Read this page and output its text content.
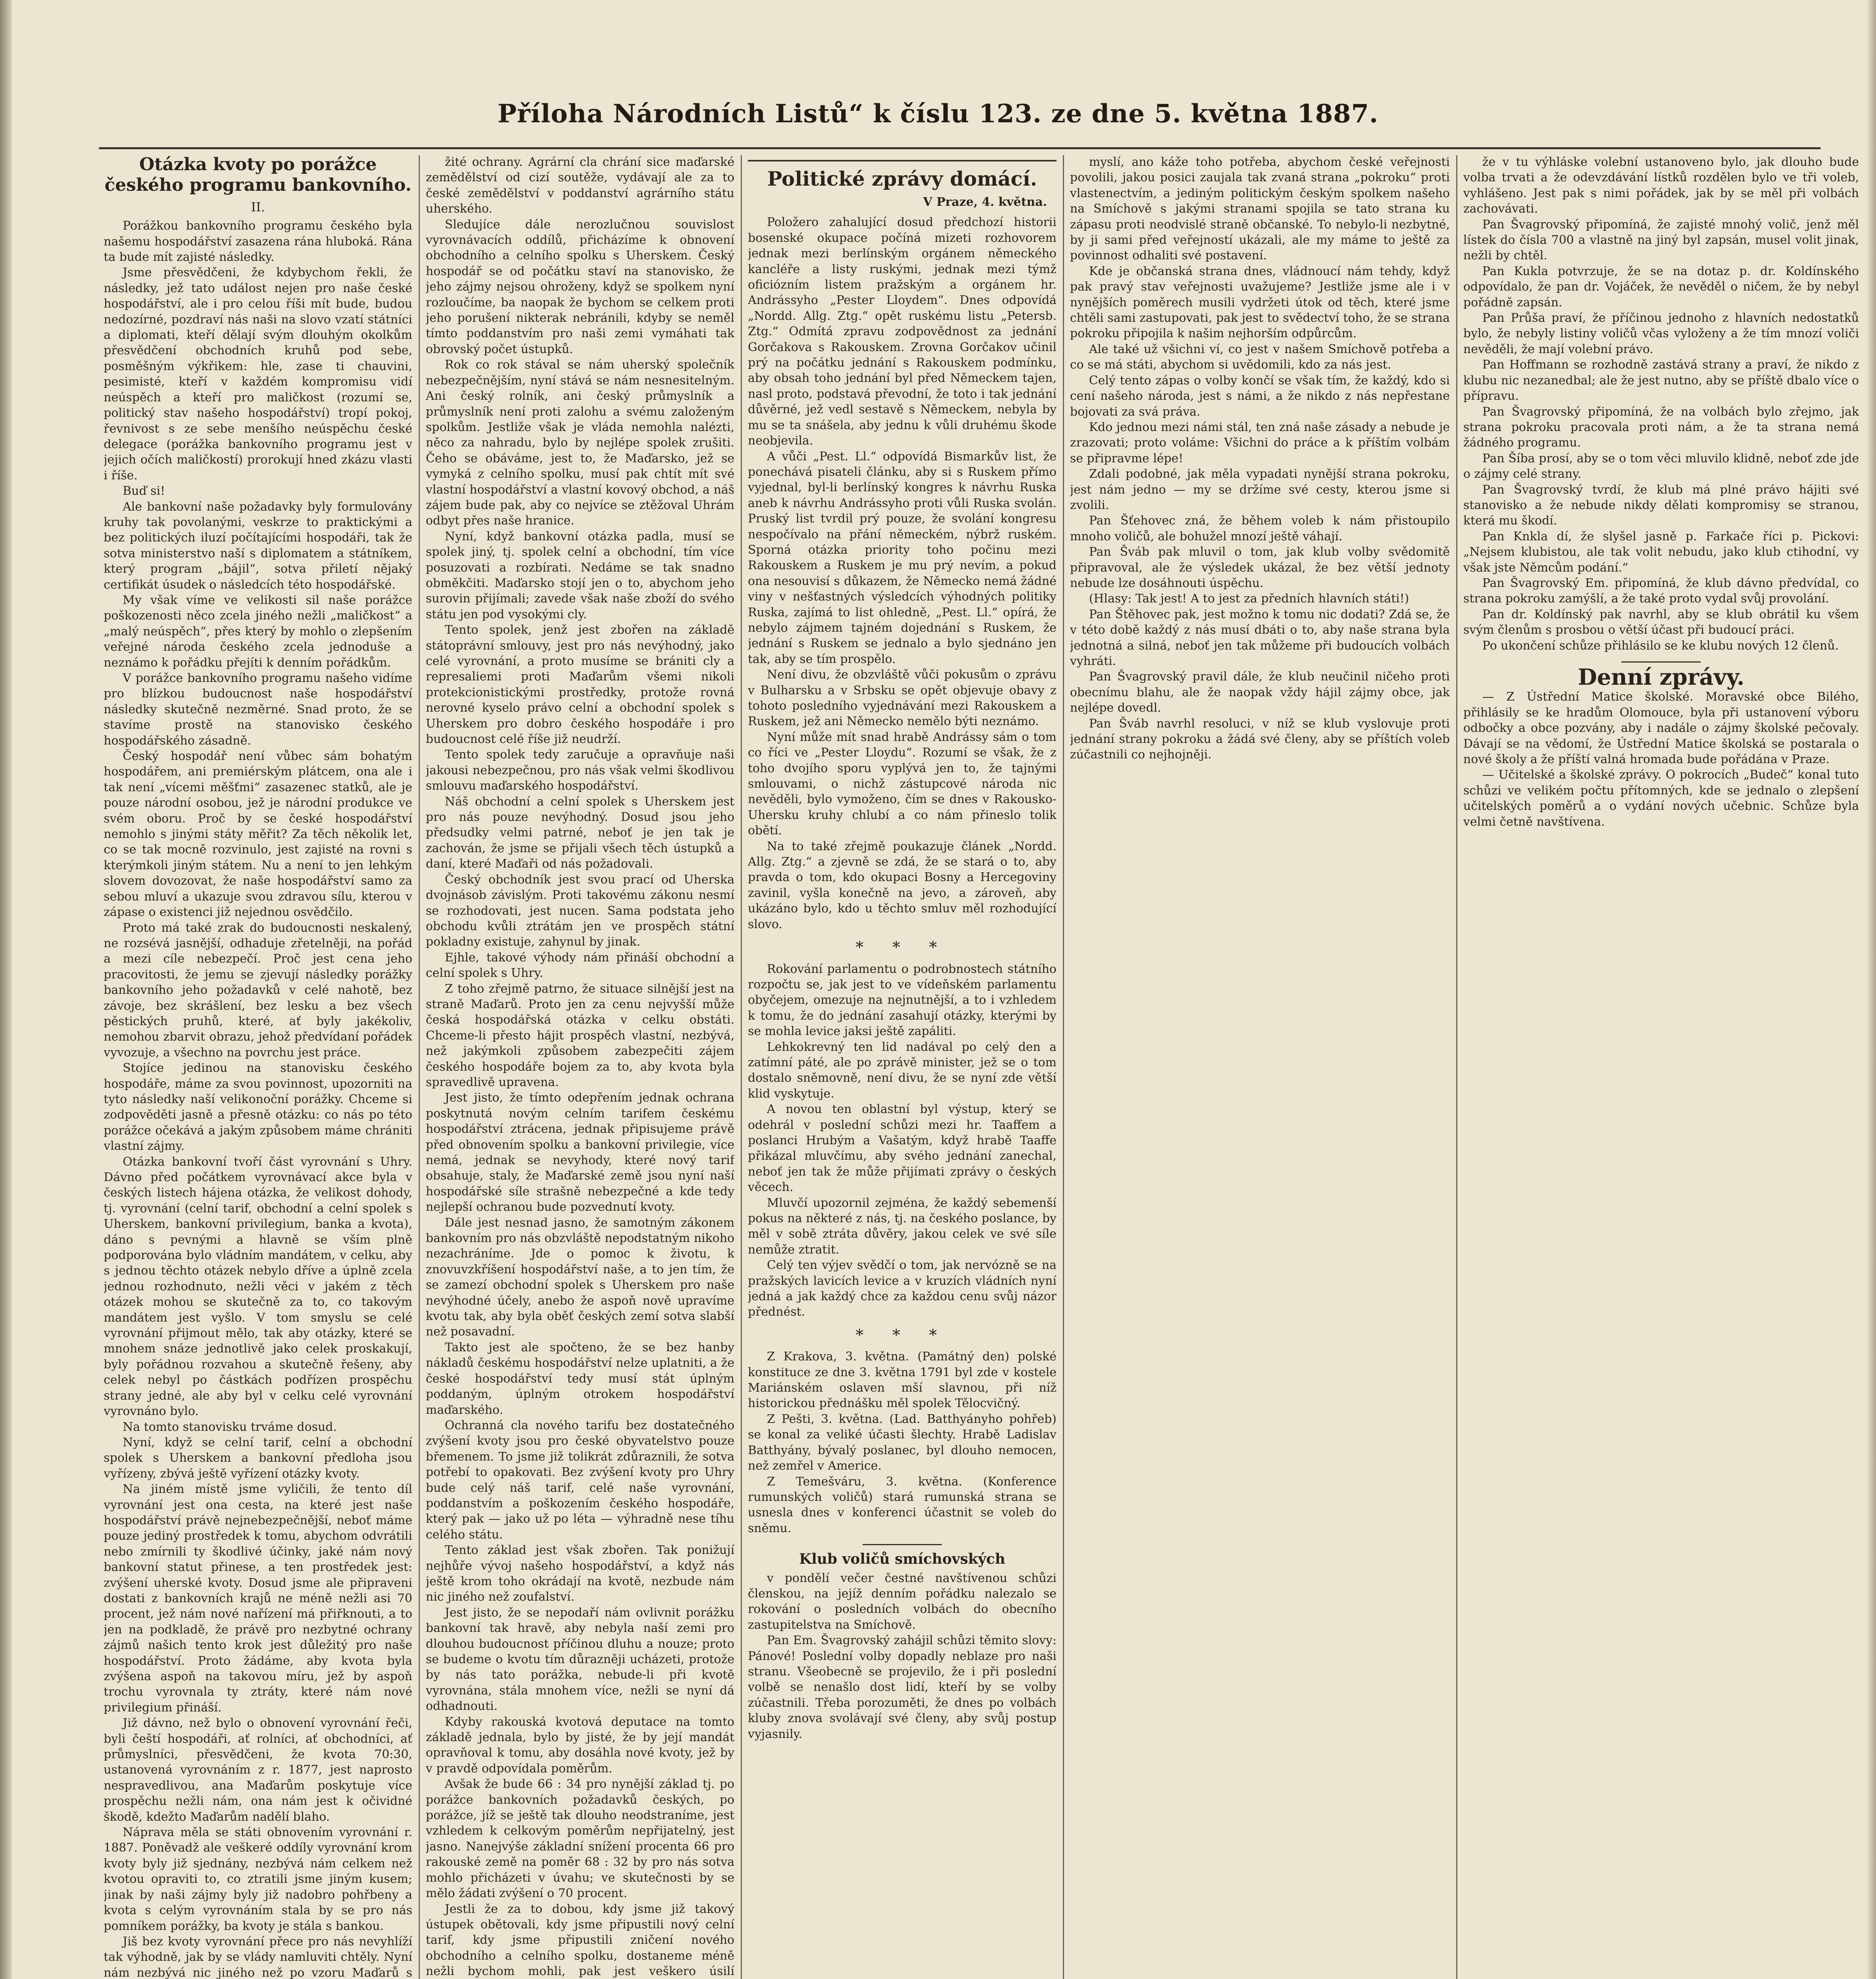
Příloha Národních Listů“ k číslu 123. ze dne 5. května 1887.
Otázka kvoty po porážce českého programu bankovního.
II.

Porážkou bankovního programu českého byla našemu hospodářství zasazena rána hluboká. Rána ta bude mít zajisté následky.

Jsme přesvědčeni, že kdybychom řekli, že následky, jež tato událost nejen pro naše české hospodářství, ale i pro celou říši mít bude, budou nedozírné, pozdraví nás naši na slovo vzatí státníci a diplomati, kteří dělají svým dlouhým okolkům přesvědčení obchodních kruhů pod sebe, posměšným výkřikem: hle, zase ti chauvini, pesimisté, kteří v každém kompromisu vidí neúspěch a kteří pro maličkost (rozumí se, politický stav našeho hospodářství) tropí pokoj, řevnivost s ze sebe menšího neúspěchu české delegace (porážka bankovního programu jest v jejich očích maličkostí) prorokují hned zkázu vlasti i říše.

Buď si!

Ale bankovní naše požadavky byly formulovány kruhy tak povolanými, veskrze to praktickými a bez politických iluzí počítajícími hospodáři, tak že sotva ministerstvo naší s diplomatem a státníkem, který program „bájil“, sotva přiletí nějaký certifikát úsudek o následcích této hospodářské.

My však víme ve velikosti sil naše porážce poškozenosti něco zcela jiného nežli „maličkost“ a „malý neúspěch“, přes který by mohlo o zlepšením veřejné národa českého zcela jednoduše a neznámo k pořádku přejíti k denním pořádkům.

V porážce bankovního programu našeho vidíme pro blízkou budoucnost naše hospodářství následky skutečně nezměrné. Snad proto, že se stavíme prostě na stanovisko českého hospodářského zásadně.

Český hospodář není vůbec sám bohatým hospodářem, ani premiérským plátcem, ona ale i tak není „vícemi měšťmi“ zasazenec statků, ale je pouze národní osobou, jež je národní produkce ve svém oboru. Proč by se české hospodářství nemohlo s jinými státy měřit? Za těch několik let, co se tak mocně rozvinulo, jest zajisté na rovni s kterýmkoli jiným státem. Nu a není to jen lehkým slovem dovozovat, že naše hospodářství samo za sebou mluví a ukazuje svou zdravou sílu, kterou v zápase o existenci již nejednou osvědčilo.

Proto má také zrak do budoucnosti neskalený, ne rozsévá jasnější, odhaduje zřetelněji, na pořád a mezi cíle nebezpečí. Proč jest cena jeho pracovitosti, že jemu se zjevují následky porážky bankovního jeho požadavků v celé nahotě, bez závoje, bez skrášlení, bez lesku a bez všech pěstických pruhů, které, ať byly jakékoliv, nemohou zbarvit obrazu, jehož předvídaní pořádek vyvozuje, a všechno na povrchu jest práce.

Stojíce jedinou na stanovisku českého hospodáře, máme za svou povinnost, upozorniti na tyto následky naší velikonoční porážky. Chceme si zodpověděti jasně a přesně otázku: co nás po této porážce očekává a jakým způsobem máme chrániti vlastní zájmy.

Otázka bankovní tvoří část vyrovnání s Uhry. Dávno před počátkem vyrovnávací akce byla v českých listech hájena otázka, že velikost dohody, tj. vyrovnání (celní tarif, obchodní a celní spolek s Uherskem, bankovní privilegium, banka a kvota), dáno s pevnými a hlavně se vším plně podporována bylo vládním mandátem, v celku, aby s jednou těchto otázek nebylo dříve a úplně zcela jednou rozhodnuto, nežli věci v jakém z těch otázek mohou se skutečně za to, co takovým mandátem jest vyšlo. V tom smyslu se celé vyrovnání přijmout mělo, tak aby otázky, které se mnohem snáze jednotlivě jako celek proskakují, byly pořádnou rozvahou a skutečně řešeny, aby celek nebyl po částkách podřízen prospěchu strany jedné, ale aby byl v celku celé vyrovnání vyrovnáno bylo.

Na tomto stanovisku trváme dosud.

Nyní, když se celní tarif, celní a obchodní spolek s Uherskem a bankovní předloha jsou vyřízeny, zbývá ještě vyřízení otázky kvoty.

Na jiném místě jsme vyličili, že tento díl vyrovnání jest ona cesta, na které jest naše hospodářství právě nejnebezpečnější, neboť máme pouze jediný prostředek k tomu, abychom odvrátili nebo zmírnili ty škodlivé účinky, jaké nám nový bankovní statut přinese, a ten prostředek jest: zvýšení uherské kvoty. Dosud jsme ale připraveni dostati z bankovních krajů ne méně nežli asi 70 procent, jež nám nové nařízení má přiřknouti, a to jen na podkladě, že právě pro nezbytné ochrany zájmů našich tento krok jest důležitý pro naše hospodářství. Proto žádáme, aby kvota byla zvýšena aspoň na takovou míru, jež by aspoň trochu vyrovnala ty ztráty, které nám nové privilegium přináší.

Již dávno, než bylo o obnovení vyrovnání řeči, byli čeští hospodáři, ať rolníci, ať obchodníci, ať průmyslníci, přesvědčeni, že kvota 70:30, ustanovená vyrovnáním z r. 1877, jest naprosto nespravedlivou, ana Maďarům poskytuje více prospěchu nežli nám, ona nám jest k očividné škodě, kdežto Maďarům nadělí blaho.

Náprava měla se státi obnovením vyrovnání r. 1887. Poněvadž ale veškeré oddíly vyrovnání krom kvoty byly již sjednány, nezbývá nám celkem než kvotou opraviti to, co ztratili jsme jiným kusem; jinak by naši zájmy byly již nadobro pohřbeny a kvota s celým vyrovnáním stala by se pro nás pomníkem porážky, ba kvoty je stála s bankou.

Jiš bez kvoty vyrovnání přece pro nás nevyhlíží tak výhodně, jak by se vlády namluviti chtěly. Nyní nám nezbývá nic jiného než po vzoru Maďarů s

žité ochrany. Agrární cla chrání sice maďarské zemědělství od cizí soutěže, vydávají ale za to české zemědělství v poddanství agrárního státu uherského.

Sledujíce dále nerozlučnou souvislost vyrovnávacích oddílů, přicházíme k obnovení obchodního a celního spolku s Uherskem. Český hospodář se od počátku staví na stanovisko, že jeho zájmy nejsou ohroženy, když se spolkem nyní rozloučíme, ba naopak že bychom se celkem proti jeho porušení nikterak nebránili, kdyby se neměl tímto poddanstvím pro naši zemi vymáhati tak obrovský počet ústupků.

Rok co rok stával se nám uherský společník nebezpečnějším, nyní stává se nám nesnesitelným. Ani český rolník, ani český průmyslník a průmyslník není proti zalohu a svému založeným spolkům. Jestliže však je vláda nemohla nalézti, něco za nahradu, bylo by nejlépe spolek zrušiti. Čeho se obáváme, jest to, že Maďarsko, jež se vymyká z celního spolku, musí pak chtít mít své vlastní hospodářství a vlastní kovový obchod, a náš zájem bude pak, aby co nejvíce se ztěžoval Uhrám odbyt přes naše hranice.

Nyní, když bankovní otázka padla, musí se spolek jiný, tj. spolek celní a obchodní, tím více posuzovati a rozbírati. Nedáme se tak snadno obměkčiti. Maďarsko stojí jen o to, abychom jeho surovin přijímali; zavede však naše zboží do svého státu jen pod vysokými cly.

Tento spolek, jenž jest zbořen na základě státoprávní smlouvy, jest pro nás nevýhodný, jako celé vyrovnání, a proto musíme se brániti cly a represaliemi proti Maďarům všemi nikoli protekcionistickými prostředky, protože rovná nerovné kyselo právo celní a obchodní spolek s Uherskem pro dobro českého hospodáře i pro budoucnost celé říše již neudrží.

Tento spolek tedy zaručuje a opravňuje naši jakousi nebezpečnou, pro nás však velmi škodlivou smlouvu maďarského hospodářství.

Náš obchodní a celní spolek s Uherskem jest pro nás pouze nevýhodný. Dosud jsou jeho předsudky velmi patrné, neboť je jen tak je zachován, že jsme se přijali všech těch ústupků a daní, které Maďaři od nás požadovali.

Český obchodník jest svou prací od Uherska dvojnásob závislým. Proti takovému zákonu nesmí se rozhodovati, jest nucen. Sama podstata jeho obchodu kvůli ztrátám jen ve prospěch státní pokladny existuje, zahynul by jinak.

Ejhle, takové výhody nám přináší obchodní a celní spolek s Uhry.

Z toho zřejmě patrno, že situace silnější jest na straně Maďarů. Proto jen za cenu nejvyšší může česká hospodářská otázka v celku obstáti. Chceme-li přesto hájit prospěch vlastní, nezbývá, než jakýmkoli způsobem zabezpečiti zájem českého hospodáře bojem za to, aby kvota byla spravedlivě upravena.

Jest jisto, že tímto odepřením jednak ochrana poskytnutá novým celním tarifem českému hospodářství ztrácena, jednak připisujeme právě před obnovením spolku a bankovní privilegie, více nemá, jednak se nevyhody, které nový tarif obsahuje, staly, že Maďarské země jsou nyní naší hospodářské síle strašně nebezpečné a kde tedy nejlepší ochranou bude pozvednutí kvoty.

Dále jest nesnad jasno, že samotným zákonem bankovním pro nás obzvláště nepodstatným nikoho nezachráníme. Jde o pomoc k životu, k znovuvzkříšení hospodářství naše, a to jen tím, že se zamezí obchodní spolek s Uherskem pro naše nevýhodné účely, anebo že aspoň nově upravíme kvotu tak, aby byla oběť českých zemí sotva slabší než posavadní.

Takto jest ale spočteno, že se bez hanby nákladů českému hospodářství nelze uplatniti, a že české hospodářství tedy musí stát úplným poddaným, úplným otrokem hospodářství maďarského.

Ochranná cla nového tarifu bez dostatečného zvýšení kvoty jsou pro české obyvatelstvo pouze břemenem. To jsme již tolikrát zdůraznili, že sotva potřebí to opakovati. Bez zvýšení kvoty pro Uhry bude celý náš tarif, celé naše vyrovnání, poddanstvím a poškozením českého hospodáře, který pak — jako už po léta — výhradně nese tíhu celého státu.

Tento základ jest však zbořen. Tak ponižují nejhůře vývoj našeho hospodářství, a když nás ještě krom toho okrádají na kvotě, nezbude nám nic jiného než zoufalství.

Jest jisto, že se nepodaří nám ovlivnit porážku bankovní tak hravě, aby nebyla naší zemi pro dlouhou budoucnost příčinou dluhu a nouze; proto se budeme o kvotu tím důrazněji ucházeti, protože by nás tato porážka, nebude-li při kvotě vyrovnána, stála mnohem více, nežli se nyní dá odhadnouti.

Kdyby rakouská kvotová deputace na tomto základě jednala, bylo by jisté, že by její mandát opravňoval k tomu, aby dosáhla nové kvoty, jež by v pravdě odpovídala poměrům.

Avšak že bude 66 : 34 pro nynější základ tj. po porážce bankovních požadavků českých, po porážce, jíž se ještě tak dlouho neodstraníme, jest vzhledem k celkovým poměrům nepřijatelný, jest jasno. Nanejvýše základní snížení procenta 66 pro rakouské země na poměr 68 : 32 by pro nás sotva mohlo přicházeti v úvahu; ve skutečnosti by se mělo žádati zvýšení o 70 procent.

Jestli že za to dobou, kdy jsme již takový ústupek obětovali, kdy jsme připustili nový celní tarif, kdy jsme připustili zničení nového obchodního a celního spolku, dostaneme méně nežli bychom mohli, pak jest veškero úsilí

Politické zprávy domácí.
V Praze, 4. května.

Položero zahalující dosud předchozí historii bosenské okupace počíná mizeti rozhovorem jednak mezi berlínským orgánem německého kancléře a listy ruskými, jednak mezi týmž oficiózním listem pražským a orgánem hr. Andrássyho „Pester Lloydem“. Dnes odpovídá „Nordd. Allg. Ztg.“ opět ruskému listu „Petersb. Ztg.“ Odmítá zpravu zodpovědnost za jednání Gorčakova s Rakouskem. Zrovna Gorčakov učinil prý na počátku jednání s Rakouskem podmínku, aby obsah toho jednání byl před Německem tajen, nasl proto, podstavá převodní, že toto i tak jednání důvěrné, jež vedl sestavě s Německem, nebyla by mu se ta snášela, aby jednu k vůli druhému škode neobjevila.

A vůči „Pest. Ll.“ odpovídá Bismarkův list, že ponechává pisateli článku, aby si s Ruskem přímo vyjednal, byl-li berlínský kongres k návrhu Ruska aneb k návrhu Andrássyho proti vůli Ruska svolán. Pruský list tvrdil prý pouze, že svolání kongresu nespočívalo na přání německém, nýbrž ruském. Sporná otázka priority toho počinu mezi Rakouskem a Ruskem je mu prý nevím, a pokud ona nesouvisí s důkazem, že Německo nemá žádné viny v nešťastných výsledcích výhodných politiky Ruska, zajímá to list ohledně, „Pest. Ll.“ opírá, že nebylo zájmem tajném dojednání s Ruskem, že jednání s Ruskem se jednalo a bylo sjednáno jen tak, aby se tím prospělo.

Není divu, že obzvláště vůči pokusům o zprávu v Bulharsku a v Srbsku se opět objevuje obavy z tohoto posledního vyjednávání mezi Rakouskem a Ruskem, jež ani Německo nemělo býti neznámo.

Nyní může mít snad hrabě Andrássy sám o tom co říci ve „Pester Lloydu“. Rozumí se však, že z toho dvojího sporu vyplývá jen to, že tajnými smlouvami, o nichž zástupcové národa nic nevěděli, bylo vymoženo, čím se dnes v Rakousko-Uhersku kruhy chlubí a co nám přineslo tolik obětí.

Na to také zřejmě poukazuje článek „Nordd. Allg. Ztg.“ a zjevně se zdá, že se stará o to, aby pravda o tom, kdo okupaci Bosny a Hercegoviny zavinil, vyšla konečně na jevo, a zároveň, aby ukázáno bylo, kdo u těchto smluv měl rozhodující slovo.

* * *

Rokování parlamentu o podrobnostech státního rozpočtu se, jak jest to ve vídeňském parlamentu obyčejem, omezuje na nejnutnější, a to i vzhledem k tomu, že do jednání zasahují otázky, kterými by se mohla levice jaksi ještě zapáliti.

Lehkokrevný ten lid nadával po celý den a zatímní páté, ale po zprávě minister, jež se o tom dostalo sněmovně, není divu, že se nyní zde větší klid vyskytuje.

A novou ten oblastní byl výstup, který se odehrál v poslední schůzi mezi hr. Taaffem a poslanci Hrubým a Vašatým, když hrabě Taaffe přikázal mluvčímu, aby svého jednání zanechal, neboť jen tak že může přijímati zprávy o českých věcech.

Mluvčí upozornil zejména, že každý sebemenší pokus na některé z nás, tj. na českého poslance, by měl v sobě ztráta důvěry, jakou celek ve své síle nemůže ztratit.

Celý ten výjev svědčí o tom, jak nervózně se na pražských lavicích levice a v kruzích vládních nyní jedná a jak každý chce za každou cenu svůj názor přednést.

* * *

Z Krakova, 3. května. (Památný den) polské konstituce ze dne 3. května 1791 byl zde v kostele Mariánském oslaven mší slavnou, při níž historickou přednášku měl spolek Tělocvičný.

Z Pešti, 3. května. (Lad. Batthyányho pohřeb) se konal za veliké účasti šlechty. Hrabě Ladislav Batthyány, bývalý poslanec, byl dlouho nemocen, než zemřel v Americe.

Z Temešváru, 3. května. (Konference rumunských voličů) stará rumunská strana se usnesla dnes v konferenci účastnit se voleb do sněmu.

Klub voličů smíchovských

v pondělí večer čestné navštívenou schůzi členskou, na jejíž denním pořádku nalezalo se rokování o posledních volbách do obecního zastupitelstva na Smíchově.

Pan Em. Švagrovský zahájil schůzi těmito slovy: Pánové! Poslední volby dopadly neblaze pro naši stranu. Všeobecně se projevilo, že i při poslední volbě se nenašlo dost lidí, kteří by se volby zúčastnili. Třeba porozuměti, že dnes po volbách kluby znova svolávají své členy, aby svůj postup vyjasnily.

myslí, ano káže toho potřeba, abychom české veřejnosti povolili, jakou posici zaujala tak zvaná strana „pokroku“ proti vlastenectvím, a jediným politickým českým spolkem našeho na Smíchově s jakými stranami spojila se tato strana ku zápasu proti neodvislé straně občanské. To nebylo-li nezbytné, by ji sami před veřejností ukázali, ale my máme to ještě za povinnost odhaliti své postavení.

Kde je občanská strana dnes, vládnoucí nám tehdy, když pak pravý stav veřejnosti uvažujeme? Jestliže jsme ale i v nynějších poměrech musili vydržeti útok od těch, které jsme chtěli sami zastupovati, pak jest to svědectví toho, že se strana pokroku připojila k našim nejhorším odpůrcům.

Ale také už všichni ví, co jest v našem Smíchově potřeba a co se má státi, abychom si uvědomili, kdo za nás jest.

Celý tento zápas o volby končí se však tím, že každý, kdo si cení našeho národa, jest s námi, a že nikdo z nás nepřestane bojovati za svá práva.

Kdo jednou mezi námi stál, ten zná naše zásady a nebude je zrazovati; proto voláme: Všichni do práce a k příštím volbám se připravme lépe!

Zdali podobné, jak měla vypadati nynější strana pokroku, jest nám jedno — my se držíme své cesty, kterou jsme si zvolili.

Pan Šťehovec zná, že během voleb k nám přistoupilo mnoho voličů, ale bohužel mnozí ještě váhají.

Pan Šváb pak mluvil o tom, jak klub volby svědomitě připravoval, ale že výsledek ukázal, že bez větší jednoty nebude lze dosáhnouti úspěchu.

(Hlasy: Tak jest! A to jest za předních hlavních státi!)

Pan Štěhovec pak, jest možno k tomu nic dodati? Zdá se, že v této době každý z nás musí dbáti o to, aby naše strana byla jednotná a silná, neboť jen tak můžeme při budoucích volbách vyhráti.

Pan Švagrovský pravil dále, že klub neučinil ničeho proti obecnímu blahu, ale že naopak vždy hájil zájmy obce, jak nejlépe dovedl.

Pan Šváb navrhl resoluci, v níž se klub vyslovuje proti jednání strany pokroku a žádá své členy, aby se příštích voleb zúčastnili co nejhojněji.

že v tu výhláske volební ustanoveno bylo, jak dlouho bude volba trvati a že odevzdávání lístků rozdělen bylo ve tři voleb, vyhlášeno. Jest pak s nimi pořádek, jak by se měl při volbách zachovávati.

Pan Švagrovský připomíná, že zajisté mnohý volič, jenž měl lístek do čísla 700 a vlastně na jiný byl zapsán, musel volit jinak, nežli by chtěl.

Pan Kukla potvrzuje, že se na dotaz p. dr. Koldínského odpovídalo, že pan dr. Vojáček, že nevěděl o ničem, že by nebyl pořádně zapsán.

Pan Průša praví, že příčinou jednoho z hlavních nedostatků bylo, že nebyly listiny voličů včas vyloženy a že tím mnozí voliči nevěděli, že mají volební právo.

Pan Hoffmann se rozhodně zastává strany a praví, že nikdo z klubu nic nezanedbal; ale že jest nutno, aby se příště dbalo více o přípravu.

Pan Švagrovský připomíná, že na volbách bylo zřejmo, jak strana pokroku pracovala proti nám, a že ta strana nemá žádného programu.

Pan Šíba prosí, aby se o tom věci mluvilo klidně, neboť zde jde o zájmy celé strany.

Pan Švagrovský tvrdí, že klub má plné právo hájiti své stanovisko a že nebude nikdy dělati kompromisy se stranou, která mu škodí.

Pan Knkla dí, že slyšel jasně p. Farkače říci p. Pickovi: „Nejsem klubistou, ale tak volit nebudu, jako klub ctihodní, vy však jste Němcům podání.“

Pan Švagrovský Em. připomíná, že klub dávno předvídal, co strana pokroku zamýšlí, a že také proto vydal svůj provolání.

Pan dr. Koldínský pak navrhl, aby se klub obrátil ku všem svým členům s prosbou o větší účast při budoucí práci.

Po ukončení schůze přihlásilo se ke klubu nových 12 členů.

Denní zprávy.

— Z Ústřední Matice školské. Moravské obce Bilého, přihlásily se ke hradům Olomouce, byla při ustanovení výboru odbočky a obce pozvány, aby i nadále o zájmy školské pečovaly. Dávají se na vědomí, že Ústřední Matice školská se postarala o nové školy a že příští valná hromada bude pořádána v Praze.

— Učitelské a školské zprávy. O pokrocích „Budeč“ konal tuto schůzi ve velikém počtu přítomných, kde se jednalo o zlepšení učitelských poměrů a o vydání nových učebnic. Schůze byla velmi četně navštívena.
